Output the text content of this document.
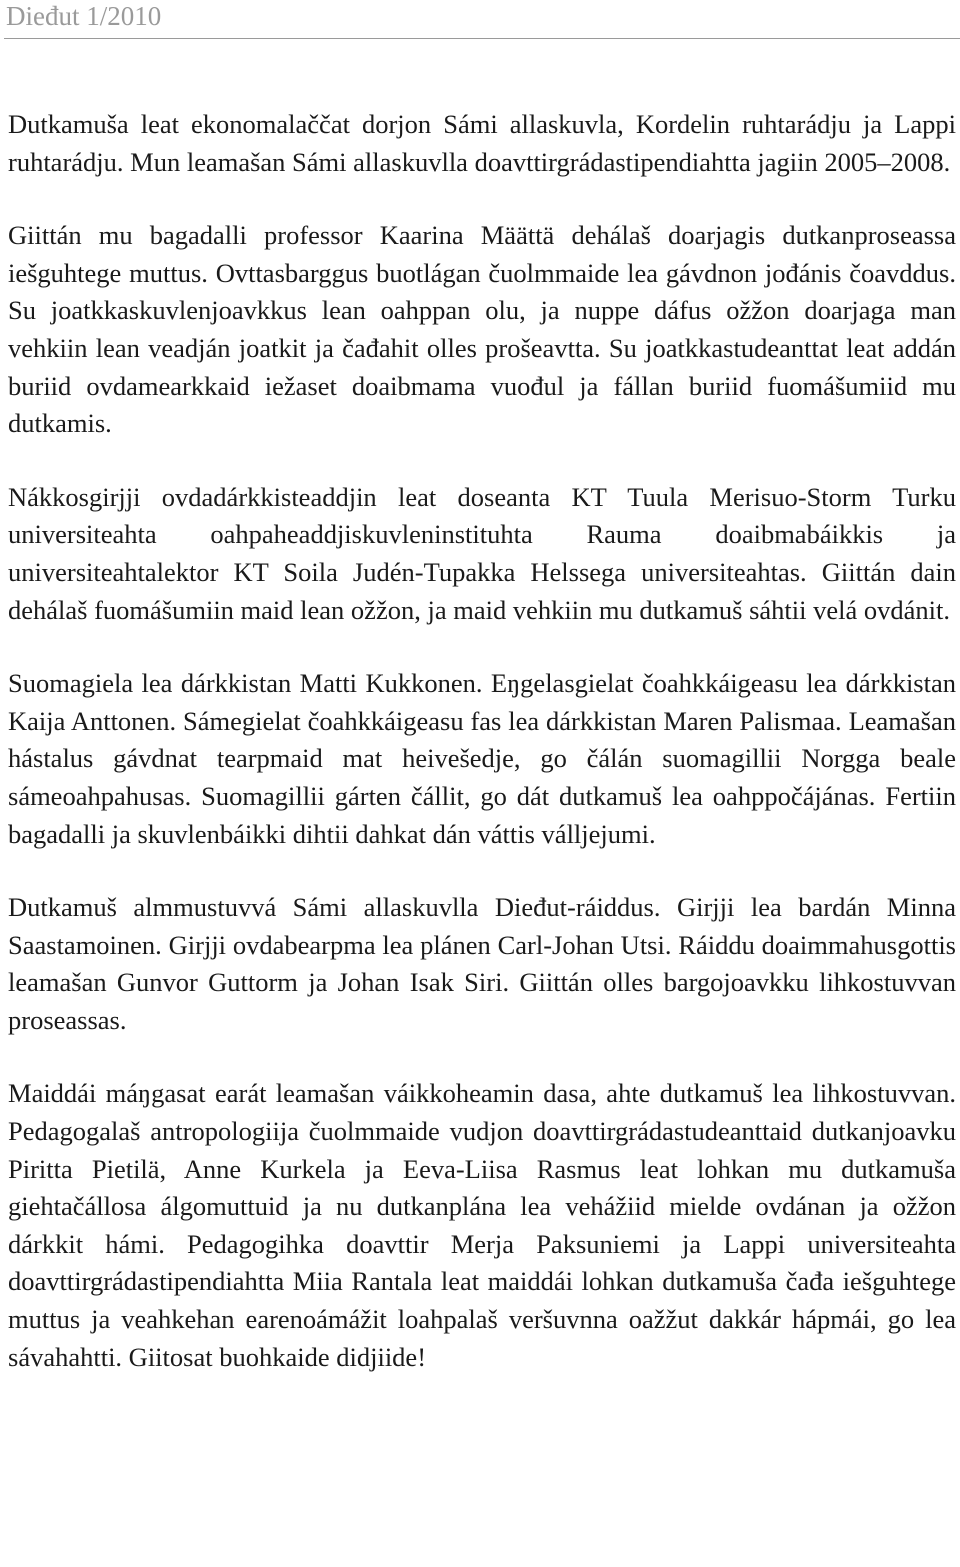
Dieđut 1/2010

Dutkamuša leat ekonomalaččat dorjon Sámi allaskuvla, Kordelin ruhtarádju ja Lappi ruhtarádju. Mun leamašan Sámi allaskuvlla doavttirgrádastipendiahtta jagiin 2005–2008.

Giittán mu bagadalli professor Kaarina Määttä dehálaš doarjagis dutkanproseassa iešguhtege muttus. Ovttasbarggus buotlágan čuolmmaide lea gávdnon jođánis čoavddus. Su joatkkaskuvlenjoavkkus lean oahppan olu, ja nuppe dáfus ožžon doarjaga man vehkiin lean veadján joatkit ja čađahit olles prošeavtta. Su joatkkastudeanttat leat addán buriid ovdamearkkaid iežaset doaibmama vuođul ja fállan buriid fuomášumiid mu dutkamis.

Nákkosgirjji ovdadárkkisteaddjin leat doseanta KT Tuula Merisuo-Storm Turku universiteahta oahpaheaddjiskuvleninstituhta Rauma doaibmabáikkis ja universiteahtalektor KT Soila Judén-Tupakka Helssega universiteahtas. Giittán dain dehálaš fuomášumiin maid lean ožžon, ja maid vehkiin mu dutkamuš sáhtii velá ovdánit.

Suomagiela lea dárkkistan Matti Kukkonen. Eŋgelasgielat čoahkkáigeasu lea dárkkistan Kaija Anttonen. Sámegielat čoahkkáigeasu fas lea dárkkistan Maren Palismaa. Leamašan hástalus gávdnat tearpmaid mat heivešedje, go čálán suomagillii Norgga beale sámeoahpahusas. Suomagillii gárten čállit, go dát dutkamuš lea oahppočájánas. Fertiin bagadalli ja skuvlenbáikki dihtii dahkat dán váttis válljejumi.

Dutkamuš almmustuvvá Sámi allaskuvlla Dieđut-ráiddus. Girjji lea bardán Minna Saastamoinen. Girjji ovdabearpma lea plánen Carl-Johan Utsi. Ráiddu doaimmahusgottis leamašan Gunvor Guttorm ja Johan Isak Siri. Giittán olles bargojoavkku lihkostuvvan proseassas.

Maiddái máŋgasat earát leamašan váikkoheamin dasa, ahte dutkamuš lea lihkostuvvan. Pedagogalaš antropologiija čuolmmaide vudjon doavttirgrádastudeanttaid dutkanjoavku Piritta Pietilä, Anne Kurkela ja Eeva-Liisa Rasmus leat lohkan mu dutkamuša giehtačállosa álgomuttuid ja nu dutkanplána lea vehážiid mielde ovdánan ja ožžon dárkkit hámi. Pedagogihka doavttir Merja Paksuniemi ja Lappi universiteahta doavttirgrádastipendiahtta Miia Rantala leat maiddái lohkan dutkamuša čađa iešguhtege muttus ja veahkehan earenoámážit loahpalaš veršuvnna oažžut dakkár hápmái, go lea sávahahtti. Giitosat buohkaide didjiide!
